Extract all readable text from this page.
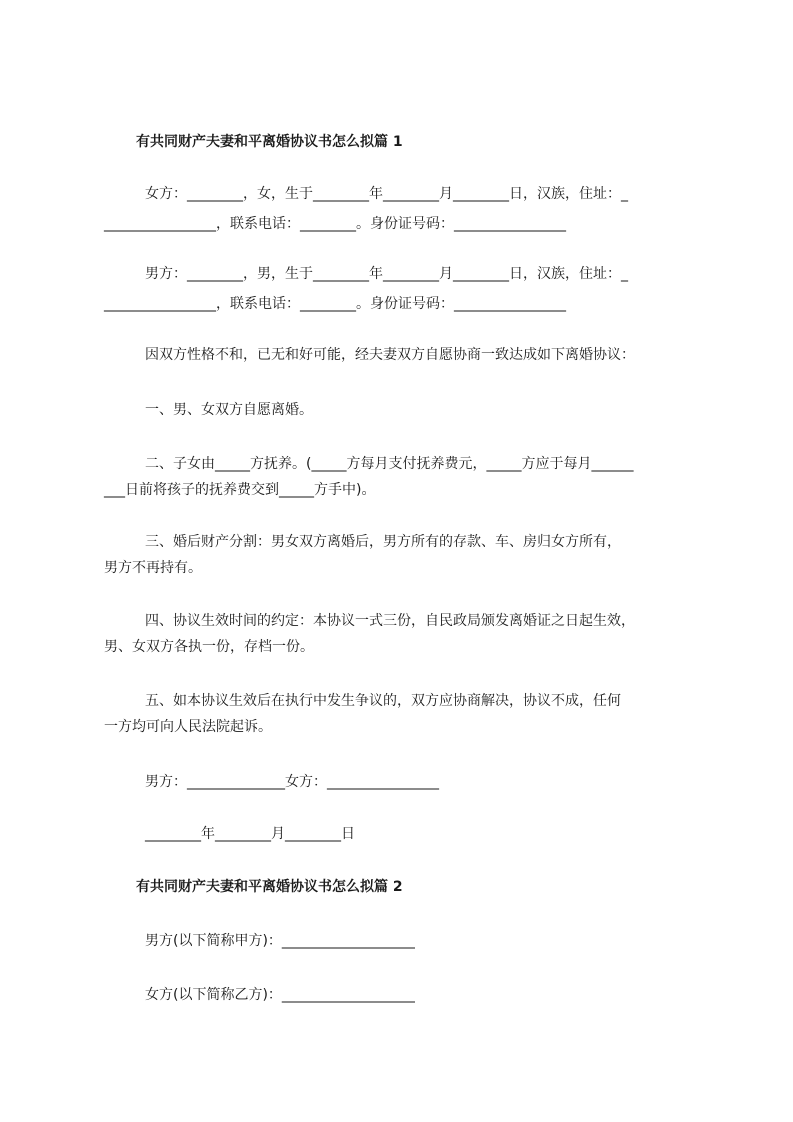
有共同财产夫妻和平离婚协议书怎么拟篇 1
女方：________，女，生于________年________月________日，汉族，住址：_
________________，联系电话：________。身份证号码：________________
男方：________，男，生于________年________月________日，汉族，住址：_
________________，联系电话：________。身份证号码：________________
因双方性格不和，已无和好可能，经夫妻双方自愿协商一致达成如下离婚协议：
一、男、女双方自愿离婚。
二、子女由_____方抚养。(_____方每月支付抚养费元，_____方应于每月______
___日前将孩子的抚养费交到_____方手中)。
三、婚后财产分割：男女双方离婚后，男方所有的存款、车、房归女方所有，
男方不再持有。
四、协议生效时间的约定：本协议一式三份，自民政局颁发离婚证之日起生效，
男、女双方各执一份，存档一份。
五、如本协议生效后在执行中发生争议的，双方应协商解决，协议不成，任何
一方均可向人民法院起诉。
男方：______________女方：________________
________年________月________日
有共同财产夫妻和平离婚协议书怎么拟篇 2
男方(以下简称甲方)：___________________
女方(以下简称乙方)：___________________
